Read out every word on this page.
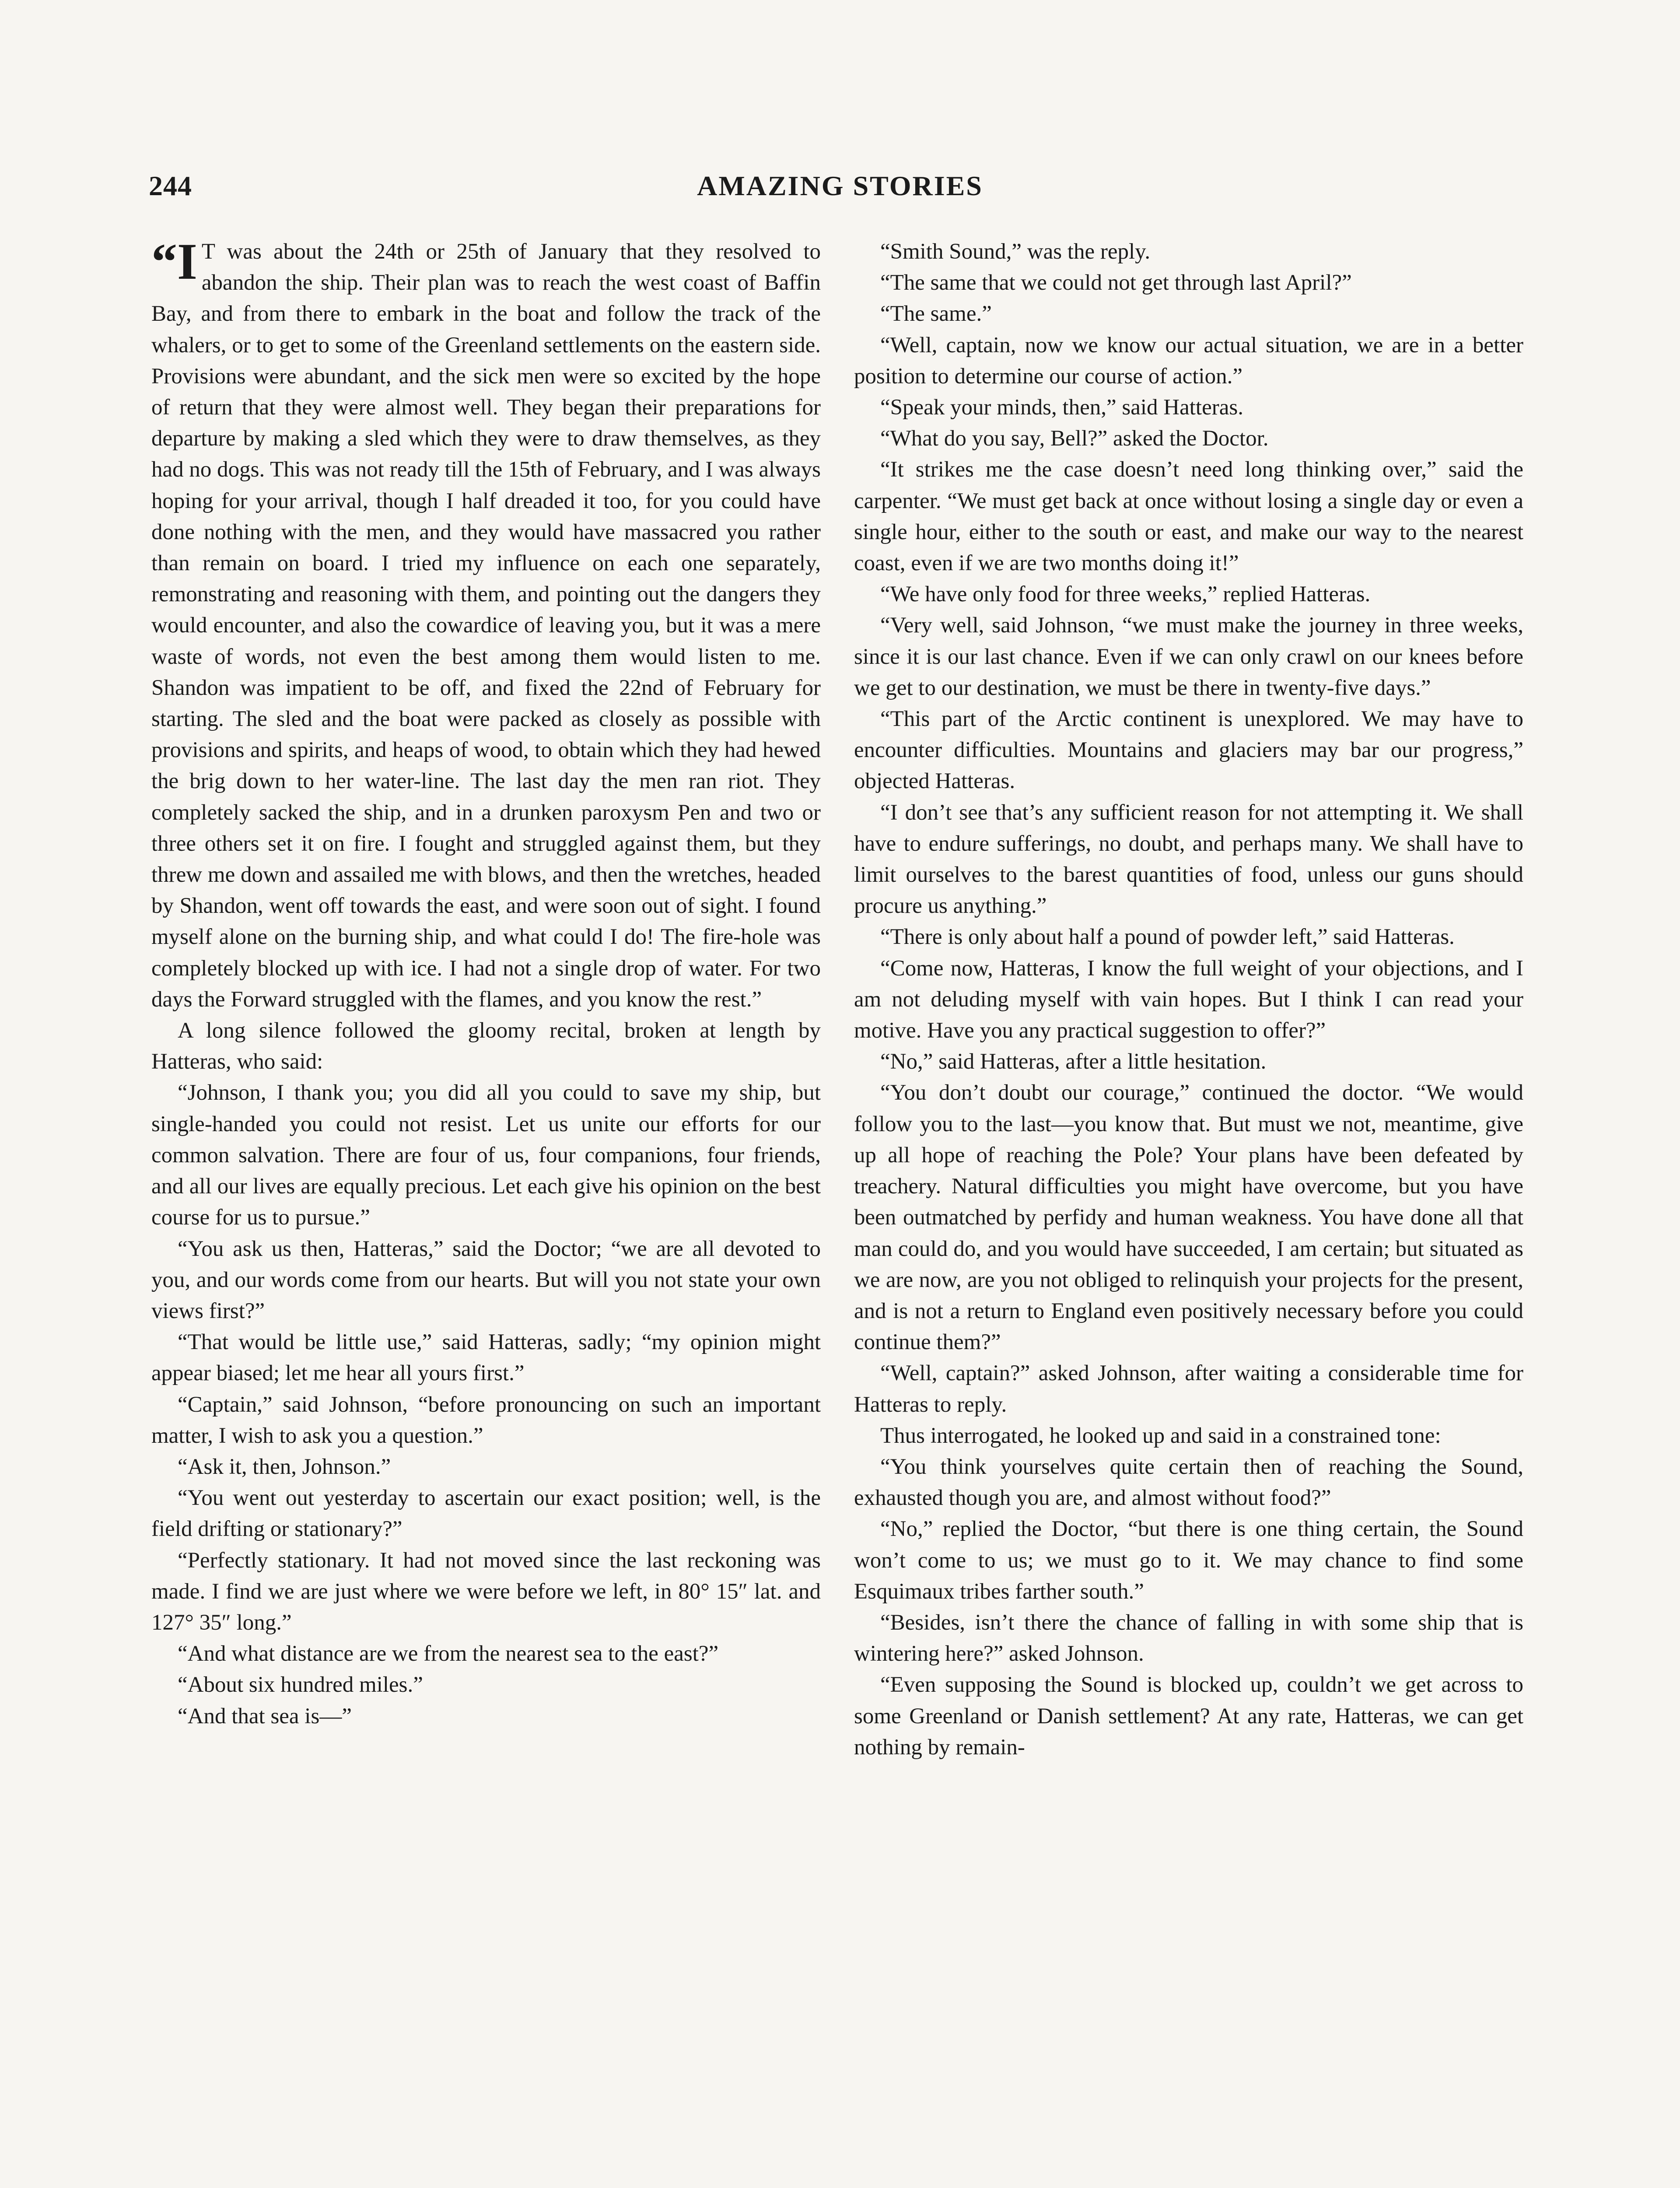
244	AMAZING STORIES

“I T was about the 24th or 25th of January that they resolved to abandon the ship. Their plan was to reach the west coast of Baffin Bay, and from there to embark in the boat and follow the track of the whalers, or to get to some of the Greenland settlements on the eastern side. Provisions were abundant, and the sick men were so excited by the hope of return that they were almost well. They began their preparations for departure by making a sled which they were to draw themselves, as they had no dogs. This was not ready till the 15th of February, and I was always hoping for your arrival, though I half dreaded it too, for you could have done nothing with the men, and they would have massacred you rather than remain on board. I tried my influence on each one separately, remonstrating and reasoning with them, and pointing out the dangers they would encounter, and also the cowardice of leaving you, but it was a mere waste of words, not even the best among them would listen to me. Shandon was impatient to be off, and fixed the 22nd of February for starting. The sled and the boat were packed as closely as possible with provisions and spirits, and heaps of wood, to obtain which they had hewed the brig down to her water-line. The last day the men ran riot. They completely sacked the ship, and in a drunken paroxysm Pen and two or three others set it on fire. I fought and struggled against them, but they threw me down and assailed me with blows, and then the wretches, headed by Shandon, went off towards the east, and were soon out of sight. I found myself alone on the burning ship, and what could I do! The fire-hole was completely blocked up with ice. I had not a single drop of water. For two days the Forward struggled with the flames, and you know the rest.”

A long silence followed the gloomy recital, broken at length by Hatteras, who said:

“Johnson, I thank you; you did all you could to save my ship, but single-handed you could not resist. Let us unite our efforts for our common salvation. There are four of us, four companions, four friends, and all our lives are equally precious. Let each give his opinion on the best course for us to pursue.”

“You ask us then, Hatteras,” said the Doctor; “we are all devoted to you, and our words come from our hearts. But will you not state your own views first?”

“That would be little use,” said Hatteras, sadly; “my opinion might appear biased; let me hear all yours first.”

“Captain,” said Johnson, “before pronouncing on such an important matter, I wish to ask you a question.”

“Ask it, then, Johnson.”

“You went out yesterday to ascertain our exact position; well, is the field drifting or stationary?”

“Perfectly stationary. It had not moved since the last reckoning was made. I find we are just where we were before we left, in 80° 15″ lat. and 127° 35″ long.”

“And what distance are we from the nearest sea to the east?”

“About six hundred miles.”

“And that sea is—”

“Smith Sound,” was the reply.

“The same that we could not get through last April?”

“The same.”

“Well, captain, now we know our actual situation, we are in a better position to determine our course of action.”

“Speak your minds, then,” said Hatteras.

“What do you say, Bell?” asked the Doctor.

“It strikes me the case doesn’t need long thinking over,” said the carpenter. “We must get back at once without losing a single day or even a single hour, either to the south or east, and make our way to the nearest coast, even if we are two months doing it!”

“We have only food for three weeks,” replied Hatteras.

“Very well, said Johnson, “we must make the journey in three weeks, since it is our last chance. Even if we can only crawl on our knees before we get to our destination, we must be there in twenty-five days.”

“This part of the Arctic continent is unexplored. We may have to encounter difficulties. Mountains and glaciers may bar our progress,” objected Hatteras.

“I don’t see that’s any sufficient reason for not attempting it. We shall have to endure sufferings, no doubt, and perhaps many. We shall have to limit ourselves to the barest quantities of food, unless our guns should procure us anything.”

“There is only about half a pound of powder left,” said Hatteras.

“Come now, Hatteras, I know the full weight of your objections, and I am not deluding myself with vain hopes. But I think I can read your motive. Have you any practical suggestion to offer?”

“No,” said Hatteras, after a little hesitation.

“You don’t doubt our courage,” continued the doctor. “We would follow you to the last—you know that. But must we not, meantime, give up all hope of reaching the Pole? Your plans have been defeated by treachery. Natural difficulties you might have overcome, but you have been outmatched by perfidy and human weakness. You have done all that man could do, and you would have succeeded, I am certain; but situated as we are now, are you not obliged to relinquish your projects for the present, and is not a return to England even positively necessary before you could continue them?”

“Well, captain?” asked Johnson, after waiting a considerable time for Hatteras to reply.

Thus interrogated, he looked up and said in a constrained tone:

“You think yourselves quite certain then of reaching the Sound, exhausted though you are, and almost without food?”

“No,” replied the Doctor, “but there is one thing certain, the Sound won’t come to us; we must go to it. We may chance to find some Esquimaux tribes farther south.”

“Besides, isn’t there the chance of falling in with some ship that is wintering here?” asked Johnson.

“Even supposing the Sound is blocked up, couldn’t we get across to some Greenland or Danish settlement? At any rate, Hatteras, we can get nothing by remain-
